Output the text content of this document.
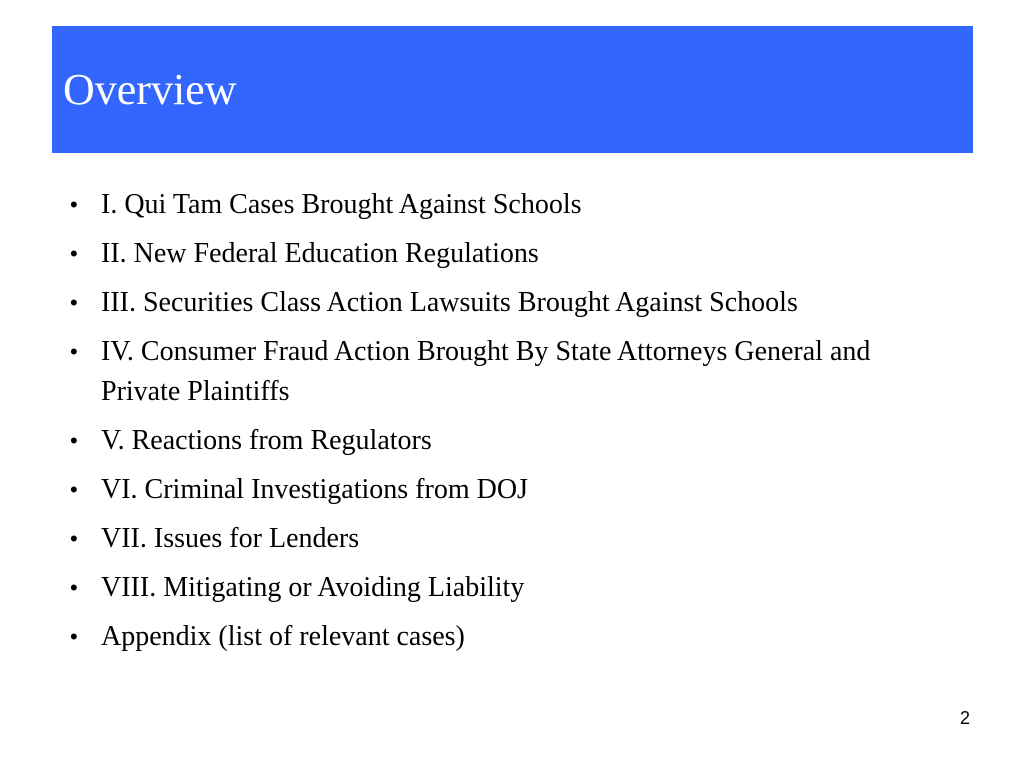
Overview
• I. Qui Tam Cases Brought Against Schools
• II. New Federal Education Regulations
• III. Securities Class Action Lawsuits Brought Against Schools
• IV. Consumer Fraud Action Brought By State Attorneys General and Private Plaintiffs
• V. Reactions from Regulators
• VI. Criminal Investigations from DOJ
• VII. Issues for Lenders
• VIII. Mitigating or Avoiding Liability
• Appendix (list of relevant cases)
2
